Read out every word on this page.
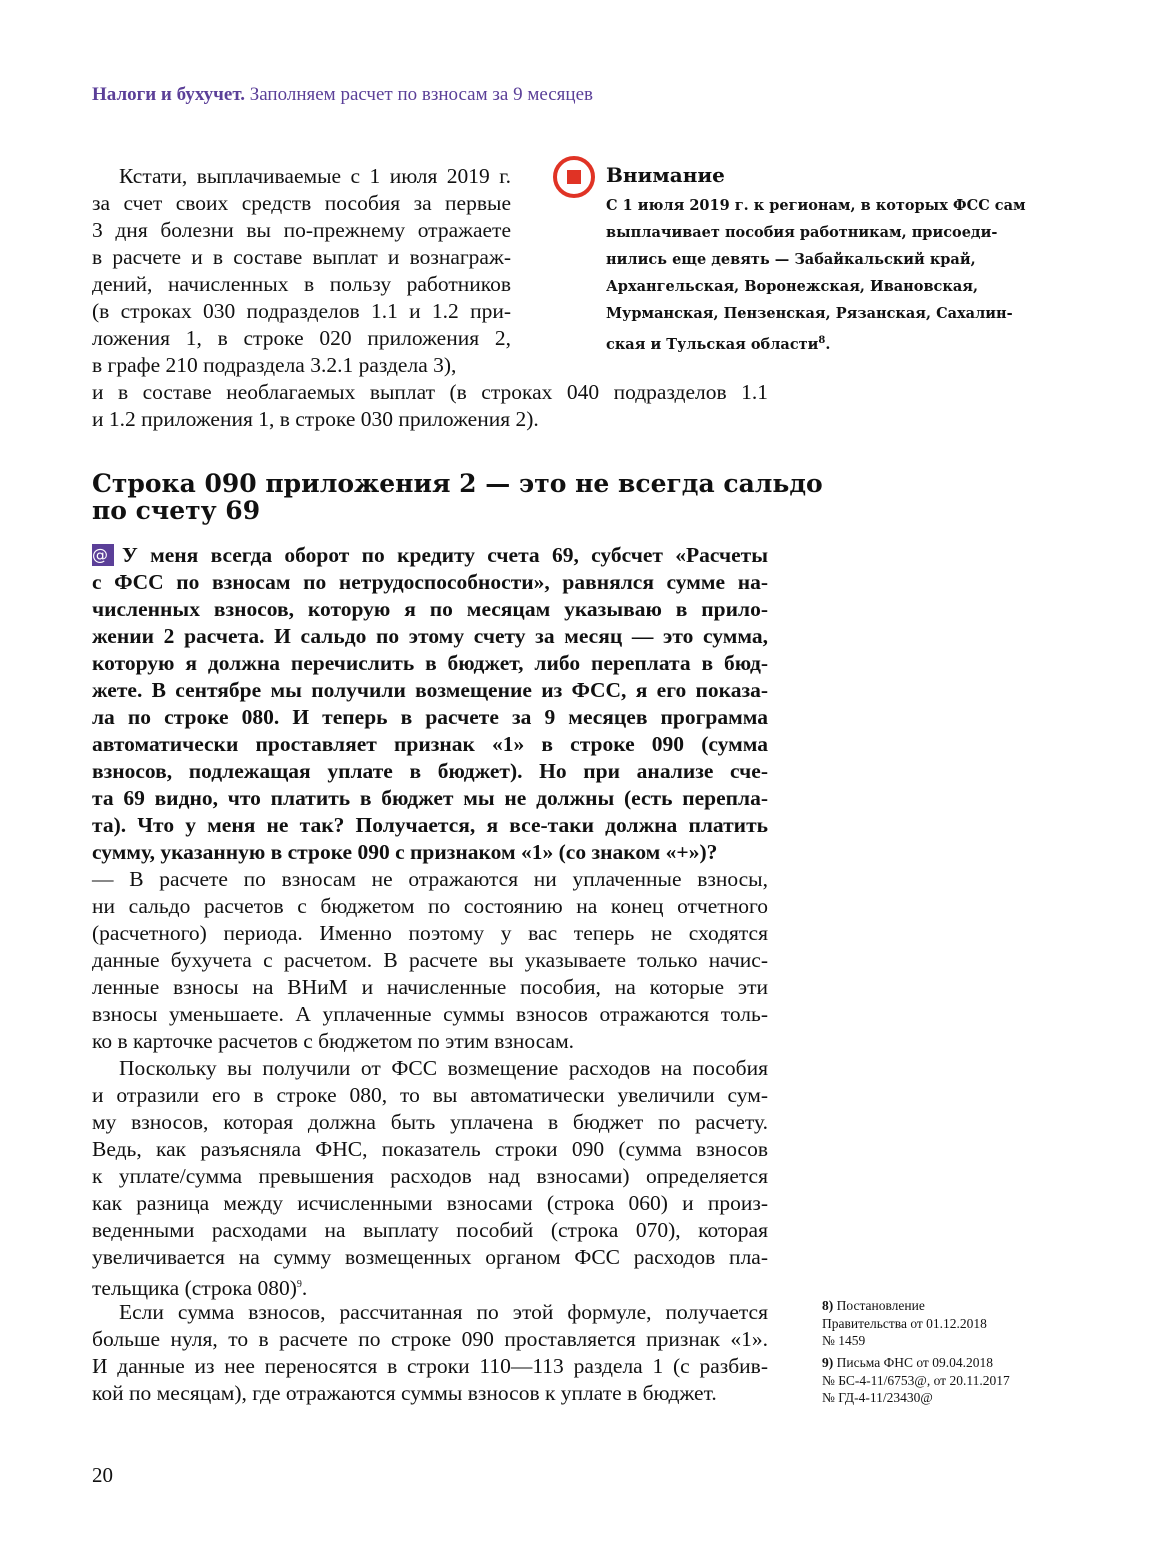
Налоги и бухучет. Заполняем расчет по взносам за 9 месяцев
Кстати, выплачиваемые с 1 июля 2019 г.
за счет своих средств пособия за первые
3 дня болезни вы по-прежнему отражаете
в расчете и в составе выплат и вознаграж-
дений, начисленных в пользу работников
(в строках 030 подразделов 1.1 и 1.2 при-
ложения 1, в строке 020 приложения 2,
в графе 210 подраздела 3.2.1 раздела 3),
и в составе необлагаемых выплат (в строках 040 подразделов 1.1
и 1.2 приложения 1, в строке 030 приложения 2).
Внимание
С 1 июля 2019 г. к регионам, в которых ФСС сам
выплачивает пособия работникам, присоеди-
нились еще девять — Забайкальский край,
Архангельская, Воронежская, Ивановская,
Мурманская, Пензенская, Рязанская, Сахалин-
ская и Тульская области$^8$.
Строка 090 приложения 2 — это не всегда сальдо
по счету 69
@ У меня всегда оборот по кредиту счета 69, субсчет «Расчеты
с ФСС по взносам по нетрудоспособности», равнялся сумме на-
численных взносов, которую я по месяцам указываю в прило-
жении 2 расчета. И сальдо по этому счету за месяц — это сумма,
которую я должна перечислить в бюджет, либо переплата в бюд-
жете. В сентябре мы получили возмещение из ФСС, я его показа-
ла по строке 080. И теперь в расчете за 9 месяцев программа
автоматически проставляет признак «1» в строке 090 (сумма
взносов, подлежащая уплате в бюджет). Но при анализе сче-
та 69 видно, что платить в бюджет мы не должны (есть перепла-
та). Что у меня не так? Получается, я все-таки должна платить
сумму, указанную в строке 090 с признаком «1» (со знаком «+»)?
— В расчете по взносам не отражаются ни уплаченные взносы,
ни сальдо расчетов с бюджетом по состоянию на конец отчетного
(расчетного) периода. Именно поэтому у вас теперь не сходятся
данные бухучета с расчетом. В расчете вы указываете только начис-
ленные взносы на ВНиМ и начисленные пособия, на которые эти
взносы уменьшаете. А уплаченные суммы взносов отражаются толь-
ко в карточке расчетов с бюджетом по этим взносам.
Поскольку вы получили от ФСС возмещение расходов на пособия
и отразили его в строке 080, то вы автоматически увеличили сум-
му взносов, которая должна быть уплачена в бюджет по расчету.
Ведь, как разъясняла ФНС, показатель строки 090 (сумма взносов
к уплате/сумма превышения расходов над взносами) определяется
как разница между исчисленными взносами (строка 060) и произ-
веденными расходами на выплату пособий (строка 070), которая
увеличивается на сумму возмещенных органом ФСС расходов пла-
тельщика (строка 080)$^9$.
Если сумма взносов, рассчитанная по этой формуле, получается
больше нуля, то в расчете по строке 090 проставляется признак «1».
И данные из нее переносятся в строки 110—113 раздела 1 (с разбив-
кой по месяцам), где отражаются суммы взносов к уплате в бюджет.
8) Постановление
Правительства от 01.12.2018
№ 1459
9) Письма ФНС от 09.04.2018
№ БС-4-11/6753@, от 20.11.2017
№ ГД-4-11/23430@
20
